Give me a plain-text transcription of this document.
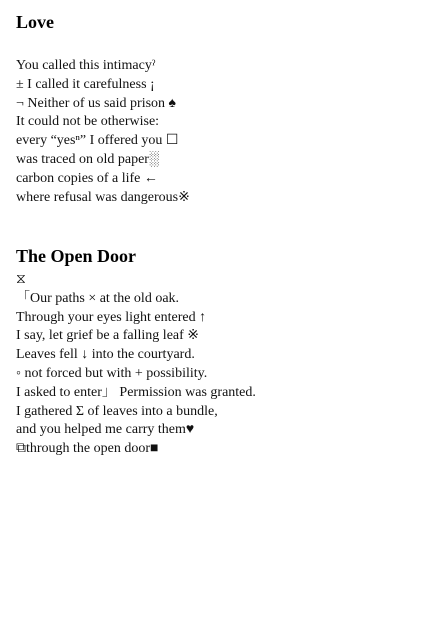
Love

You called this intimacyˀ

± I called it carefulness ¡

¬ Neither of us said prison ♠

It could not be otherwise:

every “yesⁿ” I offered you ☐

was traced on old paper░

carbon copies of a life ←

where refusal was dangerous※

The Open Door

⧖

「Our paths × at the old oak.

Through your eyes light entered ↑

I say, let grief be a falling leaf ※

Leaves fell ↓ into the courtyard.

◦ not forced but with + possibility.

I asked to enter」 Permission was granted.

I gathered Σ of leaves into a bundle,

and you helped me carry them♥

⧉through the open door■
